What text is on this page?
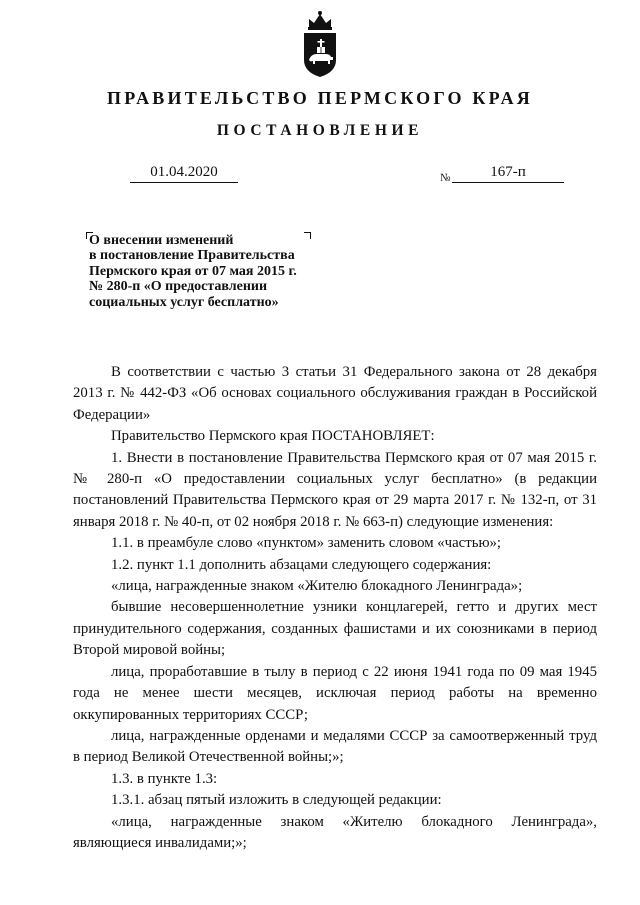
ПРАВИТЕЛЬСТВО ПЕРМСКОГО КРАЯ
ПОСТАНОВЛЕНИЕ
01.04.2020	№	167-п
О внесении изменений
в постановление Правительства
Пермского края от 07 мая 2015 г.
№ 280-п «О предоставлении
социальных услуг бесплатно»

В соответствии с частью 3 статьи 31 Федерального закона от 28 декабря 2013 г. № 442-ФЗ «Об основах социального обслуживания граждан в Российской Федерации»

Правительство Пермского края ПОСТАНОВЛЯЕТ:

1. Внести в постановление Правительства Пермского края от 07 мая 2015 г. № 280-п «О предоставлении социальных услуг бесплатно» (в редакции постановлений Правительства Пермского края от 29 марта 2017 г. № 132-п, от 31 января 2018 г. № 40-п, от 02 ноября 2018 г. № 663-п) следующие изменения:

1.1. в преамбуле слово «пунктом» заменить словом «частью»;

1.2. пункт 1.1 дополнить абзацами следующего содержания:

«лица, награжденные знаком «Жителю блокадного Ленинграда»;

бывшие несовершеннолетние узники концлагерей, гетто и других мест принудительного содержания, созданных фашистами и их союзниками в период Второй мировой войны;

лица, проработавшие в тылу в период с 22 июня 1941 года по 09 мая 1945 года не менее шести месяцев, исключая период работы на временно оккупированных территориях СССР;

лица, награжденные орденами и медалями СССР за самоотверженный труд в период Великой Отечественной войны;»;

1.3. в пункте 1.3:

1.3.1. абзац пятый изложить в следующей редакции:

«лица, награжденные знаком «Жителю блокадного Ленинграда», являющиеся инвалидами;»;
